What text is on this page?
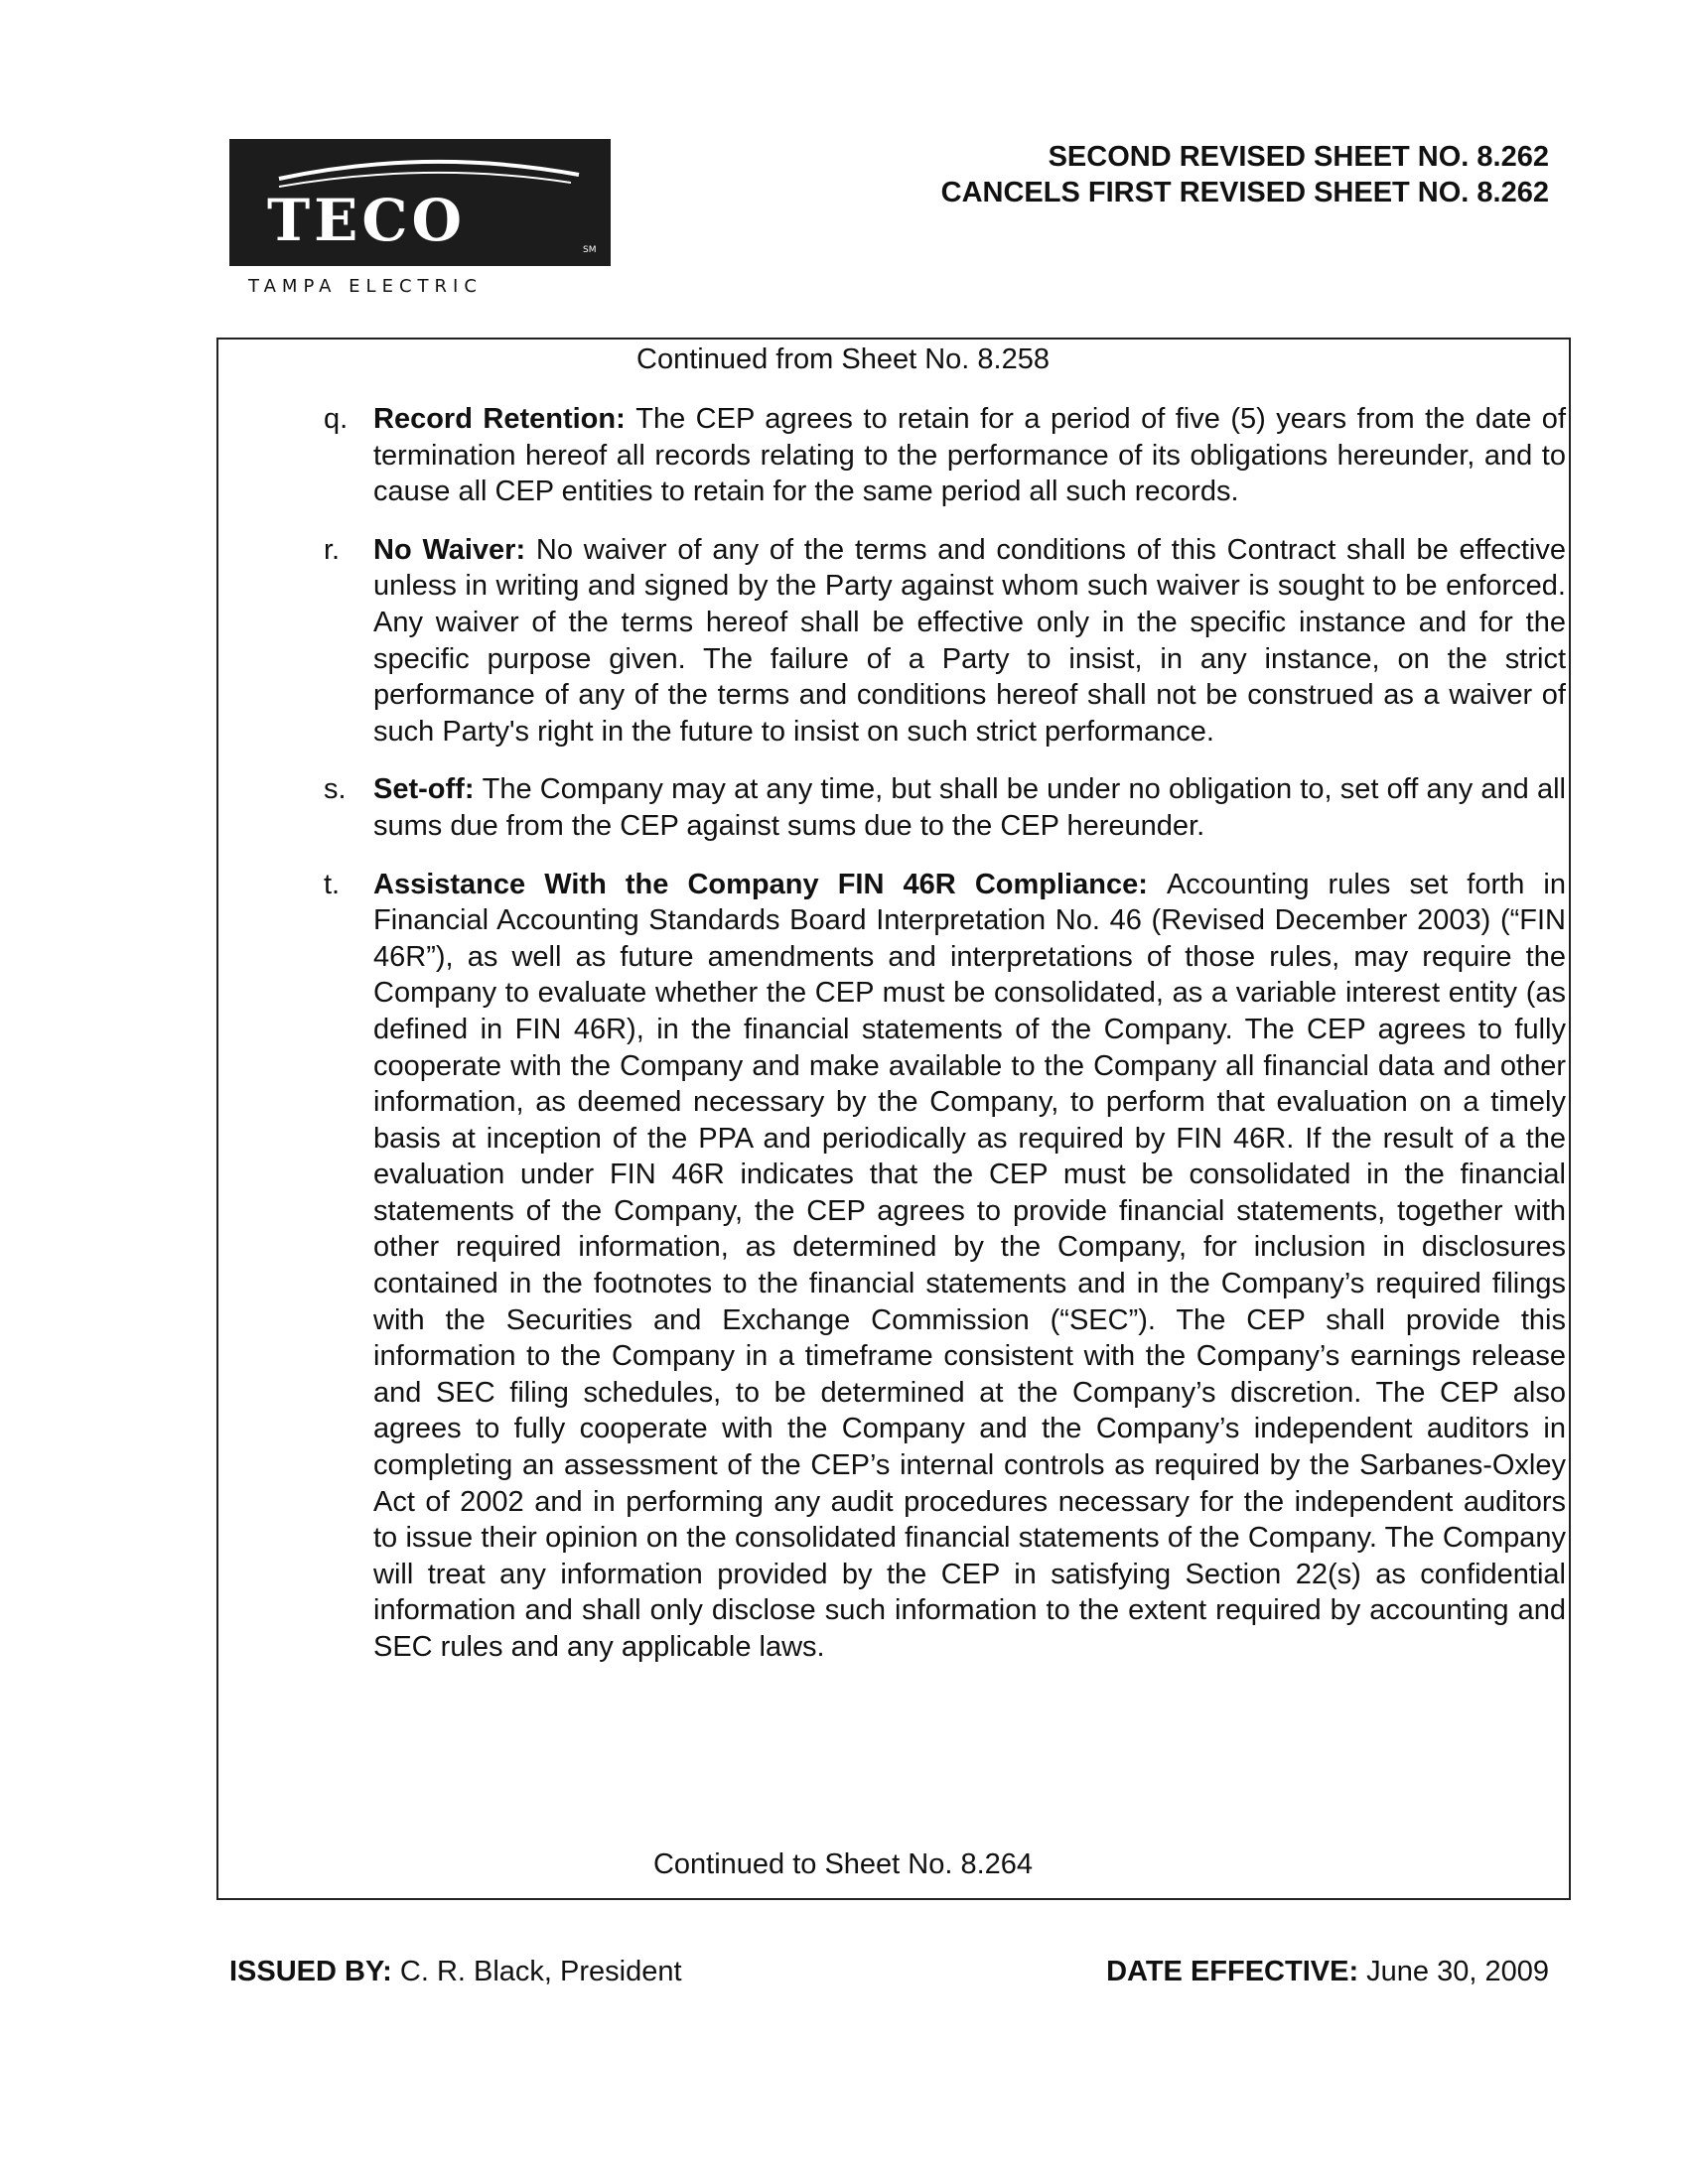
TECO	SM
TAMPA ELECTRIC
SECOND REVISED SHEET NO. 8.262
CANCELS FIRST REVISED SHEET NO. 8.262
Continued from Sheet No. 8.258
q. Record Retention: The CEP agrees to retain for a period of five (5) years from the date of termination hereof all records relating to the performance of its obligations hereunder, and to cause all CEP entities to retain for the same period all such records.
r. No Waiver: No waiver of any of the terms and conditions of this Contract shall be effective unless in writing and signed by the Party against whom such waiver is sought to be enforced. Any waiver of the terms hereof shall be effective only in the specific instance and for the specific purpose given. The failure of a Party to insist, in any instance, on the strict performance of any of the terms and conditions hereof shall not be construed as a waiver of such Party's right in the future to insist on such strict performance.
s. Set-off: The Company may at any time, but shall be under no obligation to, set off any and all sums due from the CEP against sums due to the CEP hereunder.
t. Assistance With the Company FIN 46R Compliance: Accounting rules set forth in Financial Accounting Standards Board Interpretation No. 46 (Revised December 2003) (“FIN 46R”), as well as future amendments and interpretations of those rules, may require the Company to evaluate whether the CEP must be consolidated, as a variable interest entity (as defined in FIN 46R), in the financial statements of the Company. The CEP agrees to fully cooperate with the Company and make available to the Company all financial data and other information, as deemed necessary by the Company, to perform that evaluation on a timely basis at inception of the PPA and periodically as required by FIN 46R. If the result of a the evaluation under FIN 46R indicates that the CEP must be consolidated in the financial statements of the Company, the CEP agrees to provide financial statements, together with other required information, as determined by the Company, for inclusion in disclosures contained in the footnotes to the financial statements and in the Company’s required filings with the Securities and Exchange Commission (“SEC”). The CEP shall provide this information to the Company in a timeframe consistent with the Company’s earnings release and SEC filing schedules, to be determined at the Company’s discretion. The CEP also agrees to fully cooperate with the Company and the Company’s independent auditors in completing an assessment of the CEP’s internal controls as required by the Sarbanes-Oxley Act of 2002 and in performing any audit procedures necessary for the independent auditors to issue their opinion on the consolidated financial statements of the Company. The Company will treat any information provided by the CEP in satisfying Section 22(s) as confidential information and shall only disclose such information to the extent required by accounting and SEC rules and any applicable laws.
Continued to Sheet No. 8.264
ISSUED BY: C. R. Black, President	DATE EFFECTIVE: June 30, 2009
